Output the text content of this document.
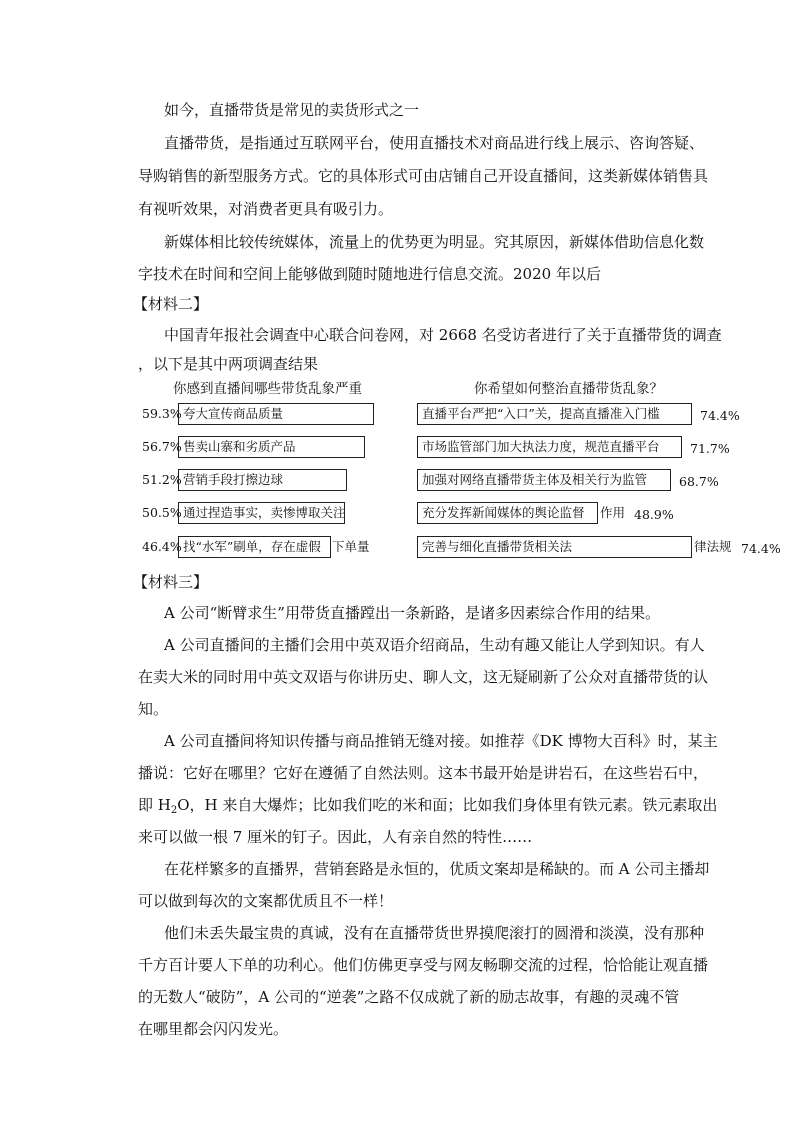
如今，直播带货是常见的卖货形式之一
直播带货，是指通过互联网平台，使用直播技术对商品进行线上展示、咨询答疑、
导购销售的新型服务方式。它的具体形式可由店铺自己开设直播间，这类新媒体销售具
有视听效果，对消费者更具有吸引力。
新媒体相比较传统媒体，流量上的优势更为明显。究其原因，新媒体借助信息化数
字技术在时间和空间上能够做到随时随地进行信息交流。2020 年以后
【材料二】
中国青年报社会调查中心联合问卷网，对 2668 名受访者进行了关于直播带货的调查
，以下是其中两项调查结果
你感到直播间哪些带货乱象严重	你希望如何整治直播带货乱象？
59.3% 夸大宣传商品质量
56.7% 售卖山寨和劣质产品
51.2% 营销手段打擦边球
50.5% 通过捏造事实，卖惨博取关注
46.4% 找“水军”刷单，存在虚假 下单量
直播平台严把“入口”关，提高直播准入门槛	74.4%
市场监管部门加大执法力度，规范直播平台	71.7%
加强对网络直播带货主体及相关行为监管	68.7%
充分发挥新闻媒体的舆论监督	作用 48.9%
完善与细化直播带货相关法	律法规 74.4%
【材料三】
A 公司“断臂求生”用带货直播蹚出一条新路，是诸多因素综合作用的结果。
A 公司直播间的主播们会用中英双语介绍商品，生动有趣又能让人学到知识。有人
在卖大米的同时用中英文双语与你讲历史、聊人文，这无疑刷新了公众对直播带货的认
知。
A 公司直播间将知识传播与商品推销无缝对接。如推荐《DK 博物大百科》时，某主
播说：它好在哪里？它好在遵循了自然法则。这本书最开始是讲岩石，在这些岩石中，
即 $H_2O$，H 来自大爆炸；比如我们吃的米和面；比如我们身体里有铁元素。铁元素取出
来可以做一根 7 厘米的钉子。因此，人有亲自然的特性……
在花样繁多的直播界，营销套路是永恒的，优质文案却是稀缺的。而 A 公司主播却
可以做到每次的文案都优质且不一样！
他们未丢失最宝贵的真诚，没有在直播带货世界摸爬滚打的圆滑和淡漠，没有那种
千方百计要人下单的功利心。他们仿佛更享受与网友畅聊交流的过程，恰恰能让观直播
的无数人“破防”，A 公司的“逆袭”之路不仅成就了新的励志故事，有趣的灵魂不管
在哪里都会闪闪发光。
